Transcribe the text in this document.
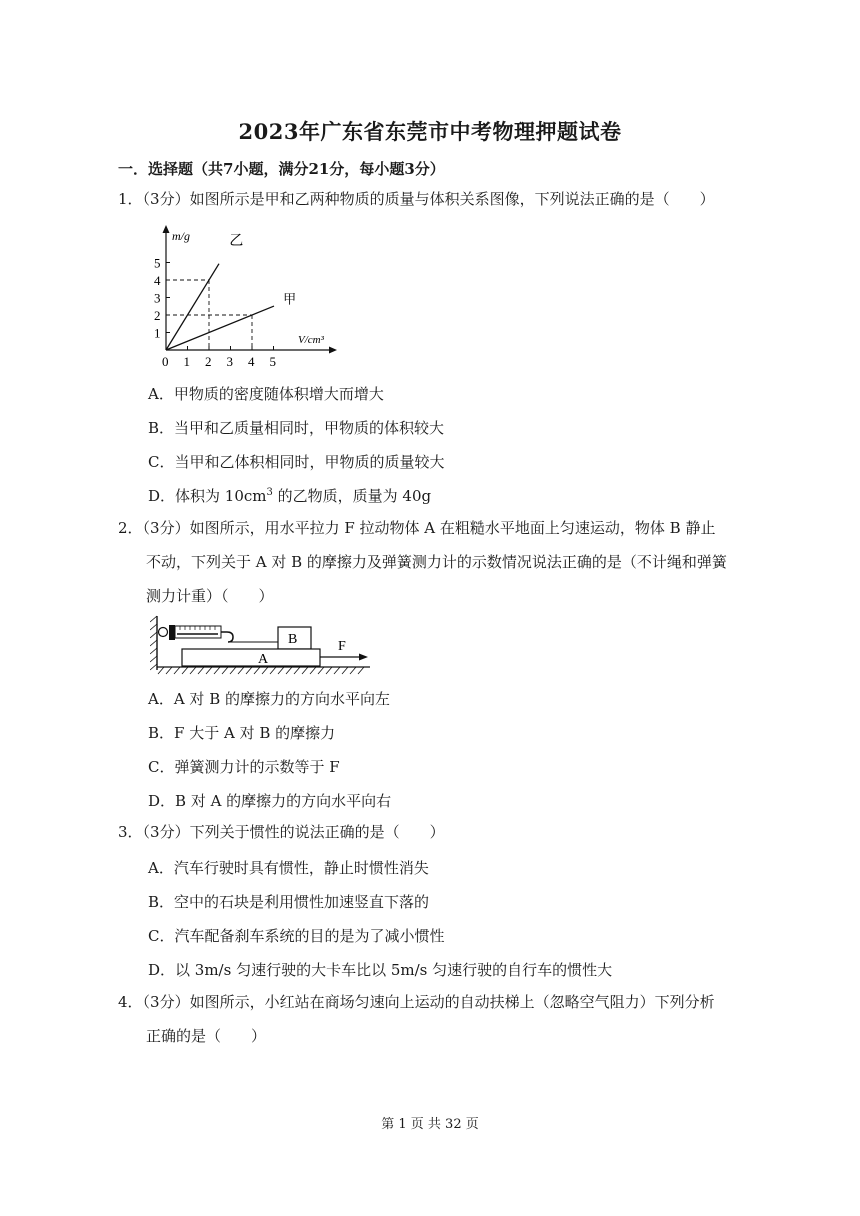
2023年广东省东莞市中考物理押题试卷
一．选择题（共7小题，满分21分，每小题3分）
1．（3分）如图所示是甲和乙两种物质的质量与体积关系图像，下列说法正确的是（　　）
m/g
V/cm³
0 1 2 3 4 5
1
2
3
4
5
乙
甲
A．甲物质的密度随体积增大而增大
B．当甲和乙质量相同时，甲物质的体积较大
C．当甲和乙体积相同时，甲物质的质量较大
D．体积为 $10cm^3$ 的乙物质，质量为 40g
2．（3分）如图所示，用水平拉力 F 拉动物体 A 在粗糙水平地面上匀速运动，物体 B 静止
不动，下列关于 A 对 B 的摩擦力及弹簧测力计的示数情况说法正确的是（不计绳和弹簧
测力计重）（　　）
B
A
F
A．A 对 B 的摩擦力的方向水平向左
B．F 大于 A 对 B 的摩擦力
C．弹簧测力计的示数等于 F
D．B 对 A 的摩擦力的方向水平向右
3．（3分）下列关于惯性的说法正确的是（　　）
A．汽车行驶时具有惯性，静止时惯性消失
B．空中的石块是利用惯性加速竖直下落的
C．汽车配备刹车系统的目的是为了减小惯性
D．以 3m/s 匀速行驶的大卡车比以 5m/s 匀速行驶的自行车的惯性大
4．（3分）如图所示，小红站在商场匀速向上运动的自动扶梯上（忽略空气阻力）下列分析
正确的是（　　）
第 1 页 共 32 页
